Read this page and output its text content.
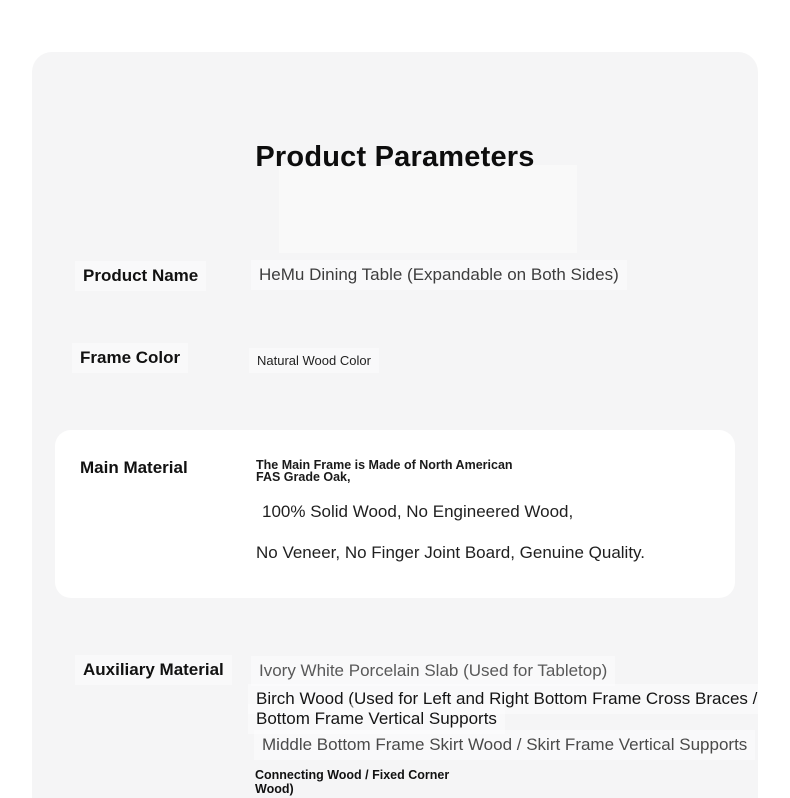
Product Parameters
Product Name	HeMu Dining Table (Expandable on Both Sides)
Frame Color	Natural Wood Color
Main Material	The Main Frame is Made of North American
FAS Grade Oak,
100% Solid Wood, No Engineered Wood,
No Veneer, No Finger Joint Board, Genuine Quality.
Auxiliary Material	Ivory White Porcelain Slab (Used for Tabletop)
Birch Wood (Used for Left and Right Bottom Frame Cross Braces /
Bottom Frame Vertical Supports
Middle Bottom Frame Skirt Wood / Skirt Frame Vertical Supports
Connecting Wood / Fixed Corner
Wood)
